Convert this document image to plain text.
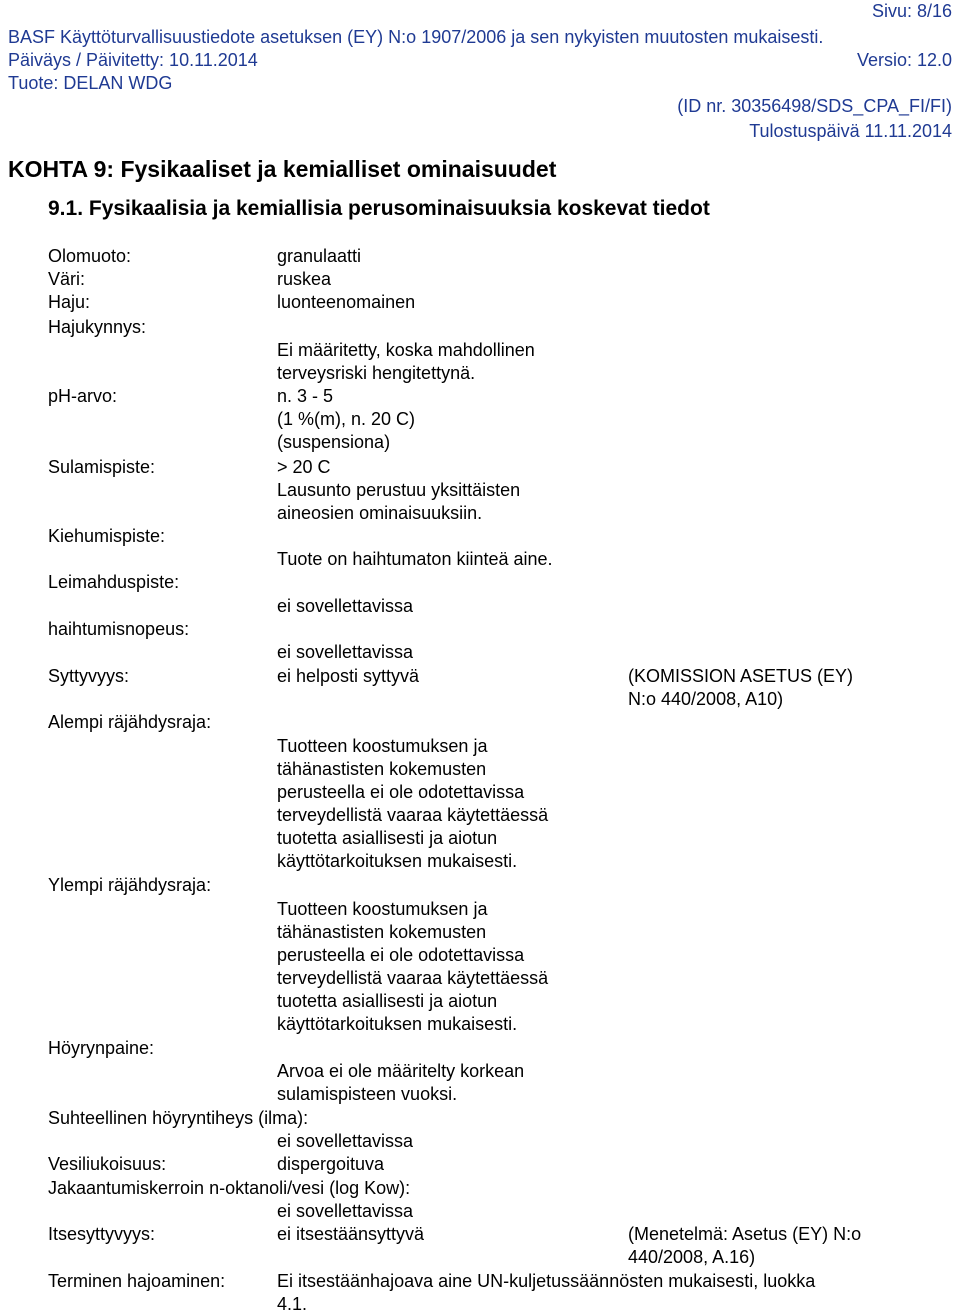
Sivu: 8/16
BASF Käyttöturvallisuustiedote asetuksen (EY) N:o 1907/2006 ja sen nykyisten muutosten mukaisesti.
Päiväys / Päivitetty: 10.11.2014	Versio: 12.0
Tuote: DELAN WDG
(ID nr. 30356498/SDS_CPA_FI/FI)
Tulostuspäivä 11.11.2014
KOHTA 9: Fysikaaliset ja kemialliset ominaisuudet
9.1. Fysikaalisia ja kemiallisia perusominaisuuksia koskevat tiedot
Olomuoto:	granulaatti
Väri:	ruskea
Haju:	luonteenomainen
Hajukynnys:
Ei määritetty, koska mahdollinen
terveysriski hengitettynä.
pH-arvo:	n. 3 - 5
(1 %(m), n. 20 C)
(suspensiona)
Sulamispiste:	> 20 C
Lausunto perustuu yksittäisten
aineosien ominaisuuksiin.
Kiehumispiste:
Tuote on haihtumaton kiinteä aine.
Leimahduspiste:
ei sovellettavissa
haihtumisnopeus:
ei sovellettavissa
Syttyvyys:	ei helposti syttyvä	(KOMISSION ASETUS (EY)
N:o 440/2008, A10)
Alempi räjähdysraja:
Tuotteen koostumuksen ja
tähänastisten kokemusten
perusteella ei ole odotettavissa
terveydellistä vaaraa käytettäessä
tuotetta asiallisesti ja aiotun
käyttötarkoituksen mukaisesti.
Ylempi räjähdysraja:
Tuotteen koostumuksen ja
tähänastisten kokemusten
perusteella ei ole odotettavissa
terveydellistä vaaraa käytettäessä
tuotetta asiallisesti ja aiotun
käyttötarkoituksen mukaisesti.
Höyrynpaine:
Arvoa ei ole määritelty korkean
sulamispisteen vuoksi.
Suhteellinen höyryntiheys (ilma):
ei sovellettavissa
Vesiliukoisuus:	dispergoituva
Jakaantumiskerroin n-oktanoli/vesi (log Kow):
ei sovellettavissa
Itsesyttyvyys:	ei itsestäänsyttyvä	(Menetelmä: Asetus (EY) N:o
440/2008, A.16)
Terminen hajoaminen:	Ei itsestäänhajoava aine UN-kuljetussäännösten mukaisesti, luokka
4.1.
